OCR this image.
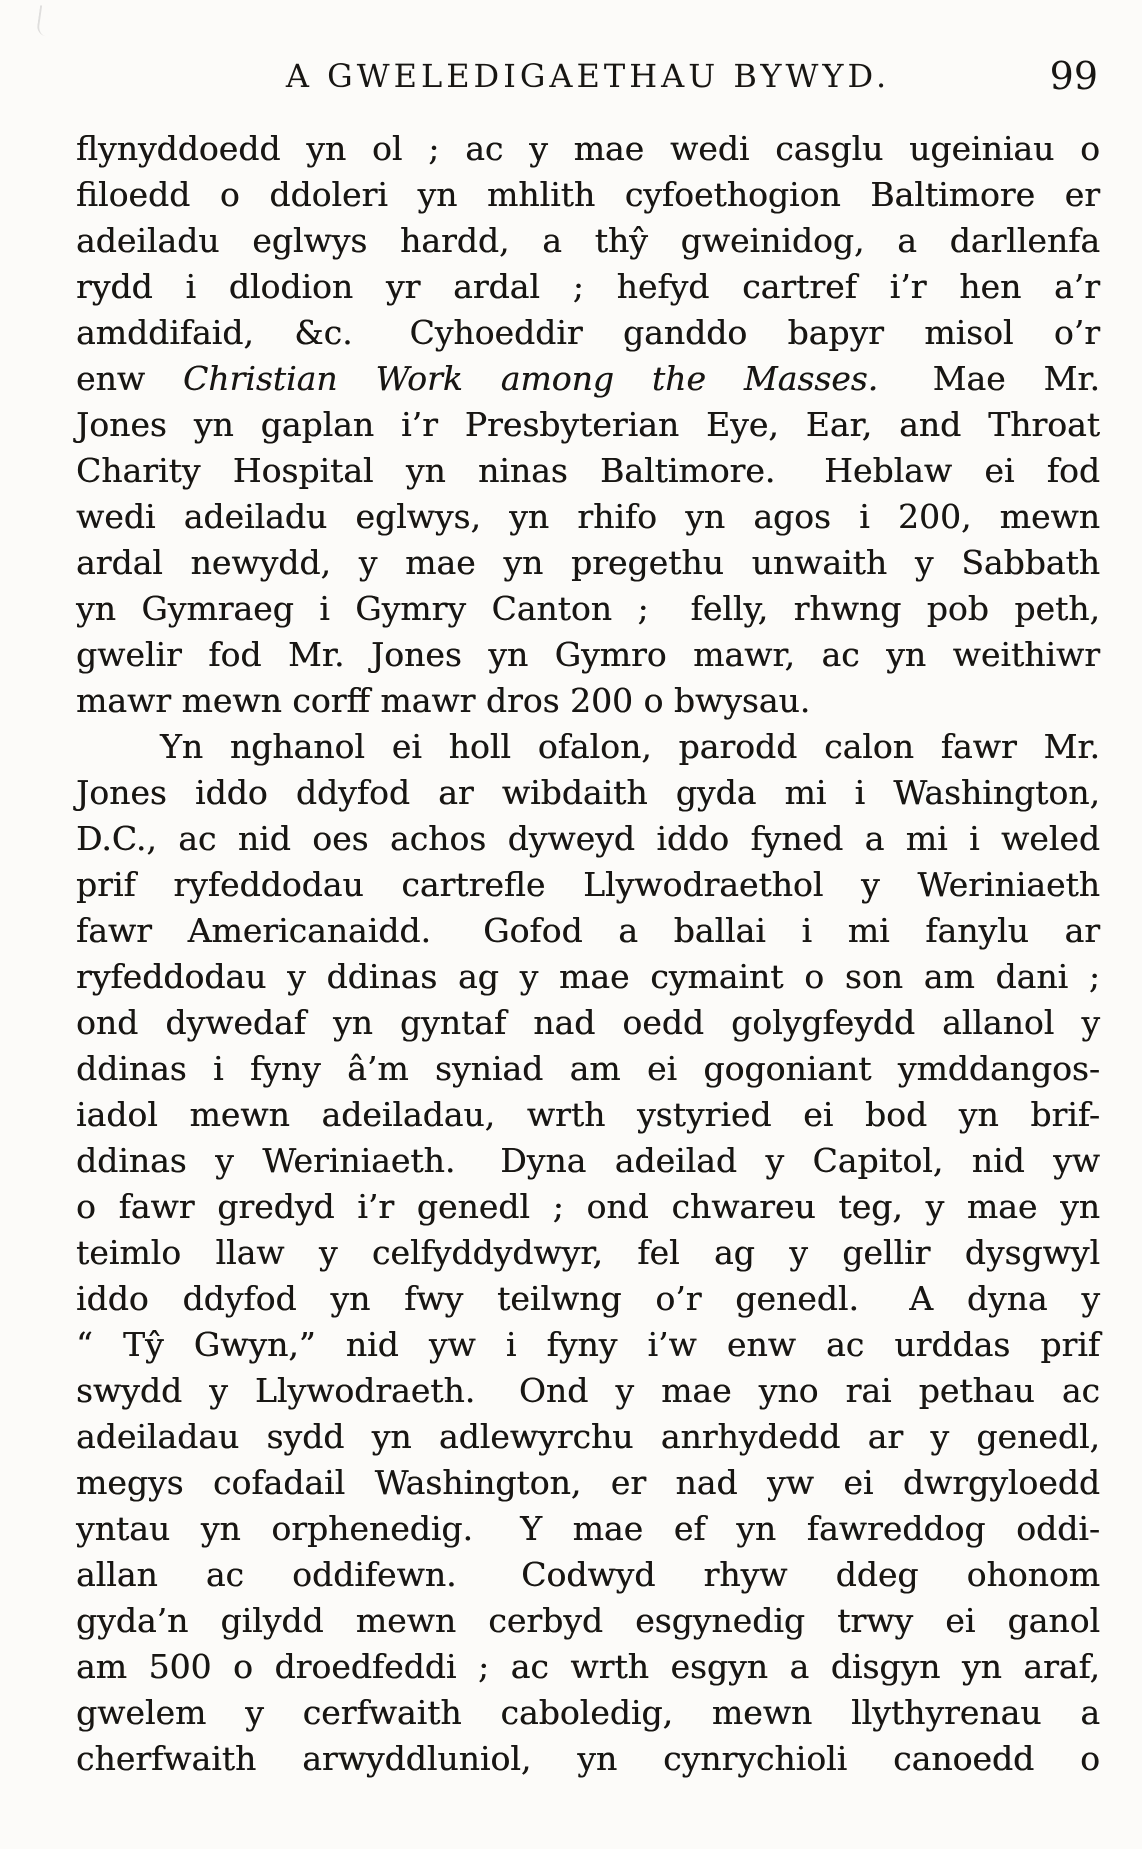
A GWELEDIGAETHAU BYWYD.	99
flynyddoedd yn ol ; ac y mae wedi casglu ugeiniau o
filoedd o ddoleri yn mhlith cyfoethogion Baltimore er
adeiladu eglwys hardd, a thŷ gweinidog, a darllenfa
rydd i dlodion yr ardal ; hefyd cartref i’r hen a’r
amddifaid, &c.  Cyhoeddir ganddo bapyr misol o’r
enw Christian Work among the Masses.  Mae Mr.
Jones yn gaplan i’r Presbyterian Eye, Ear, and Throat
Charity Hospital yn ninas Baltimore.  Heblaw ei fod
wedi adeiladu eglwys, yn rhifo yn agos i 200, mewn
ardal newydd, y mae yn pregethu unwaith y Sabbath
yn Gymraeg i Gymry Canton ;  felly, rhwng pob peth,
gwelir fod Mr. Jones yn Gymro mawr, ac yn weithiwr
mawr mewn corff mawr dros 200 o bwysau.
Yn nghanol ei holl ofalon, parodd calon fawr Mr.
Jones iddo ddyfod ar wibdaith gyda mi i Washington,
D.C., ac nid oes achos dyweyd iddo fyned a mi i weled
prif ryfeddodau cartrefle Llywodraethol y Weriniaeth
fawr Americanaidd.  Gofod a ballai i mi fanylu ar
ryfeddodau y ddinas ag y mae cymaint o son am dani ;
ond dywedaf yn gyntaf nad oedd golygfeydd allanol y
ddinas i fyny â’m syniad am ei gogoniant ymddangos-
iadol mewn adeiladau, wrth ystyried ei bod yn brif-
ddinas y Weriniaeth.  Dyna adeilad y Capitol, nid yw
o fawr gredyd i’r genedl ; ond chwareu teg, y mae yn
teimlo llaw y celfyddydwyr, fel ag y gellir dysgwyl
iddo ddyfod yn fwy teilwng o’r genedl.  A dyna y
“ Tŷ Gwyn,” nid yw i fyny i’w enw ac urddas prif
swydd y Llywodraeth.  Ond y mae yno rai pethau ac
adeiladau sydd yn adlewyrchu anrhydedd ar y genedl,
megys cofadail Washington, er nad yw ei dwrgyloedd
yntau yn orphenedig.  Y mae ef yn fawreddog oddi-
allan ac oddifewn.  Codwyd rhyw ddeg ohonom
gyda’n gilydd mewn cerbyd esgynedig trwy ei ganol
am 500 o droedfeddi ; ac wrth esgyn a disgyn yn araf,
gwelem y cerfwaith caboledig, mewn llythyrenau a
cherfwaith arwyddluniol, yn cynrychioli canoedd o
